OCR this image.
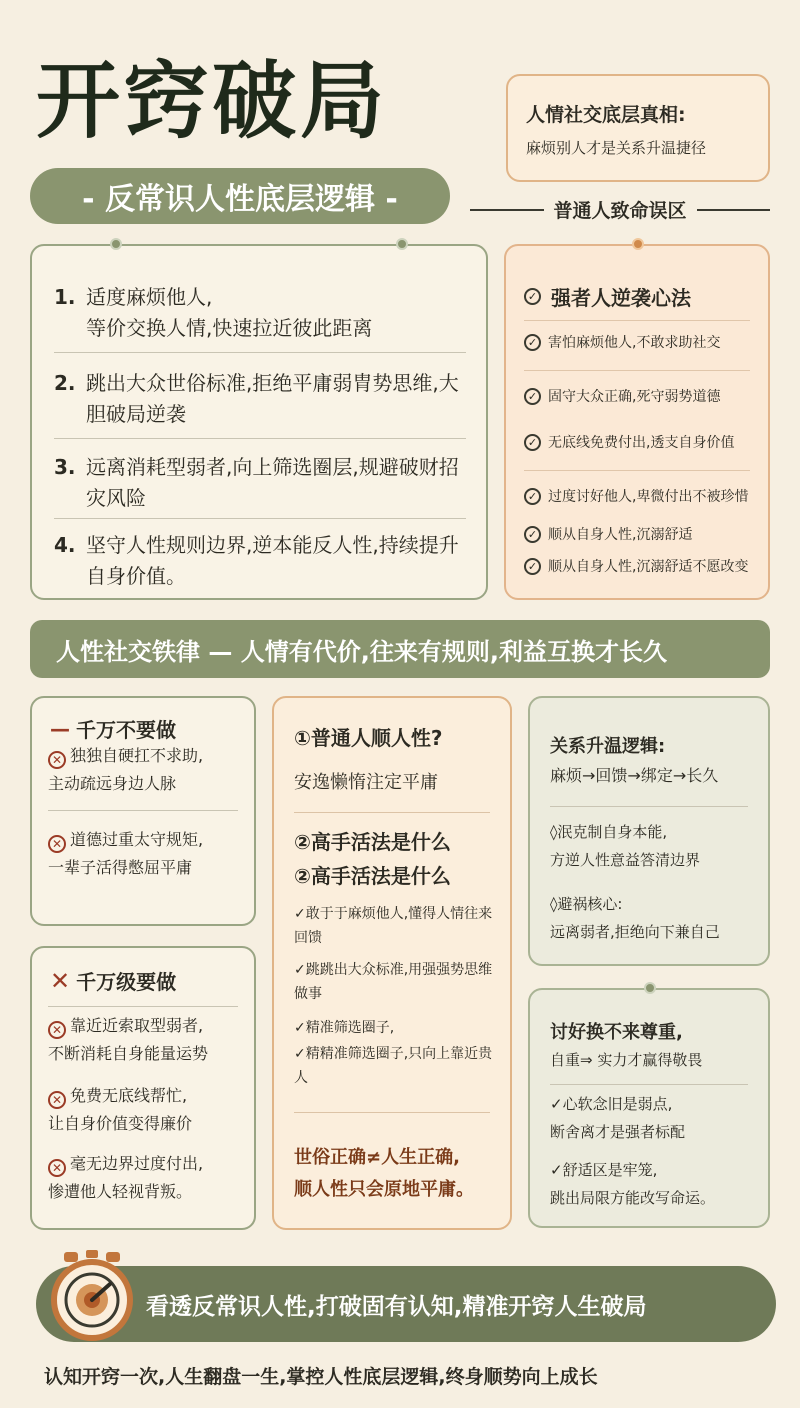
开窍破局
- 反常识人性底层逻辑 -
人情社交底层真相:
麻烦别人才是关系升温捷径
普通人致命误区
1. 适度麻烦他人,
等价交换人情,快速拉近彼此距离
2. 跳出大众世俗标准,拒绝平庸弱胄势思维,大胆破局逆袭
3. 远离消耗型弱者,向上筛选圈层,规避破财招灾风险
4. 坚守人性规则边界,逆本能反人性,持续提升自身价值。
✓ 强者人逆袭心法
✓ 害怕麻烦他人,不敢求助社交
✓ 固守大众正确,死守弱势道德
✓ 无底线免费付出,透支自身价值
✓ 过度讨好他人,卑微付出不被珍惜
✓ 顺从自身人性,沉溺舒适
✓ 顺从自身人性,沉溺舒适不愿改变
人性社交铁律 — 人情有代价,往来有规则,利益互换才长久
— 千万不要做
✕ 独独自硬扛不求助,
主动疏远身边人脉
✕ 道德过重太守规矩,
一辈子活得憋屈平庸
✕ 千万级要做
✕ 靠近近索取型弱者,
不断消耗自身能量运势
✕ 免费无底线帮忙,
让自身价值变得廉价
✕ 毫无边界过度付出,
惨遭他人轻视背叛。
①普通人顺人性?
安逸懒惰注定平庸
②高手活法是什么
②高手活法是什么
✓敢于于麻烦他人,懂得人情往来回馈
✓跳跳出大众标准,用强强势思维做事
✓精准筛选圈子,
✓精精准筛选圈子,只向上靠近贵人
世俗正确≠人生正确,
顺人性只会原地平庸。
关系升温逻辑:
麻烦→回馈→绑定→长久
◊泯克制自身本能,
方逆人性意益答清边界
◊避祸核心:
远离弱者,拒绝向下兼自己
讨好换不来尊重,
自重⇒ 实力才赢得敬畏
✓心软念旧是弱点,
断舍离才是强者标配
✓舒适区是牢笼,
跳出局限方能改写命运。
看透反常识人性,打破固有认知,精准开窍人生破局
认知开窍一次,人生翻盘一生,掌控人性底层逻辑,终身顺势向上成长
